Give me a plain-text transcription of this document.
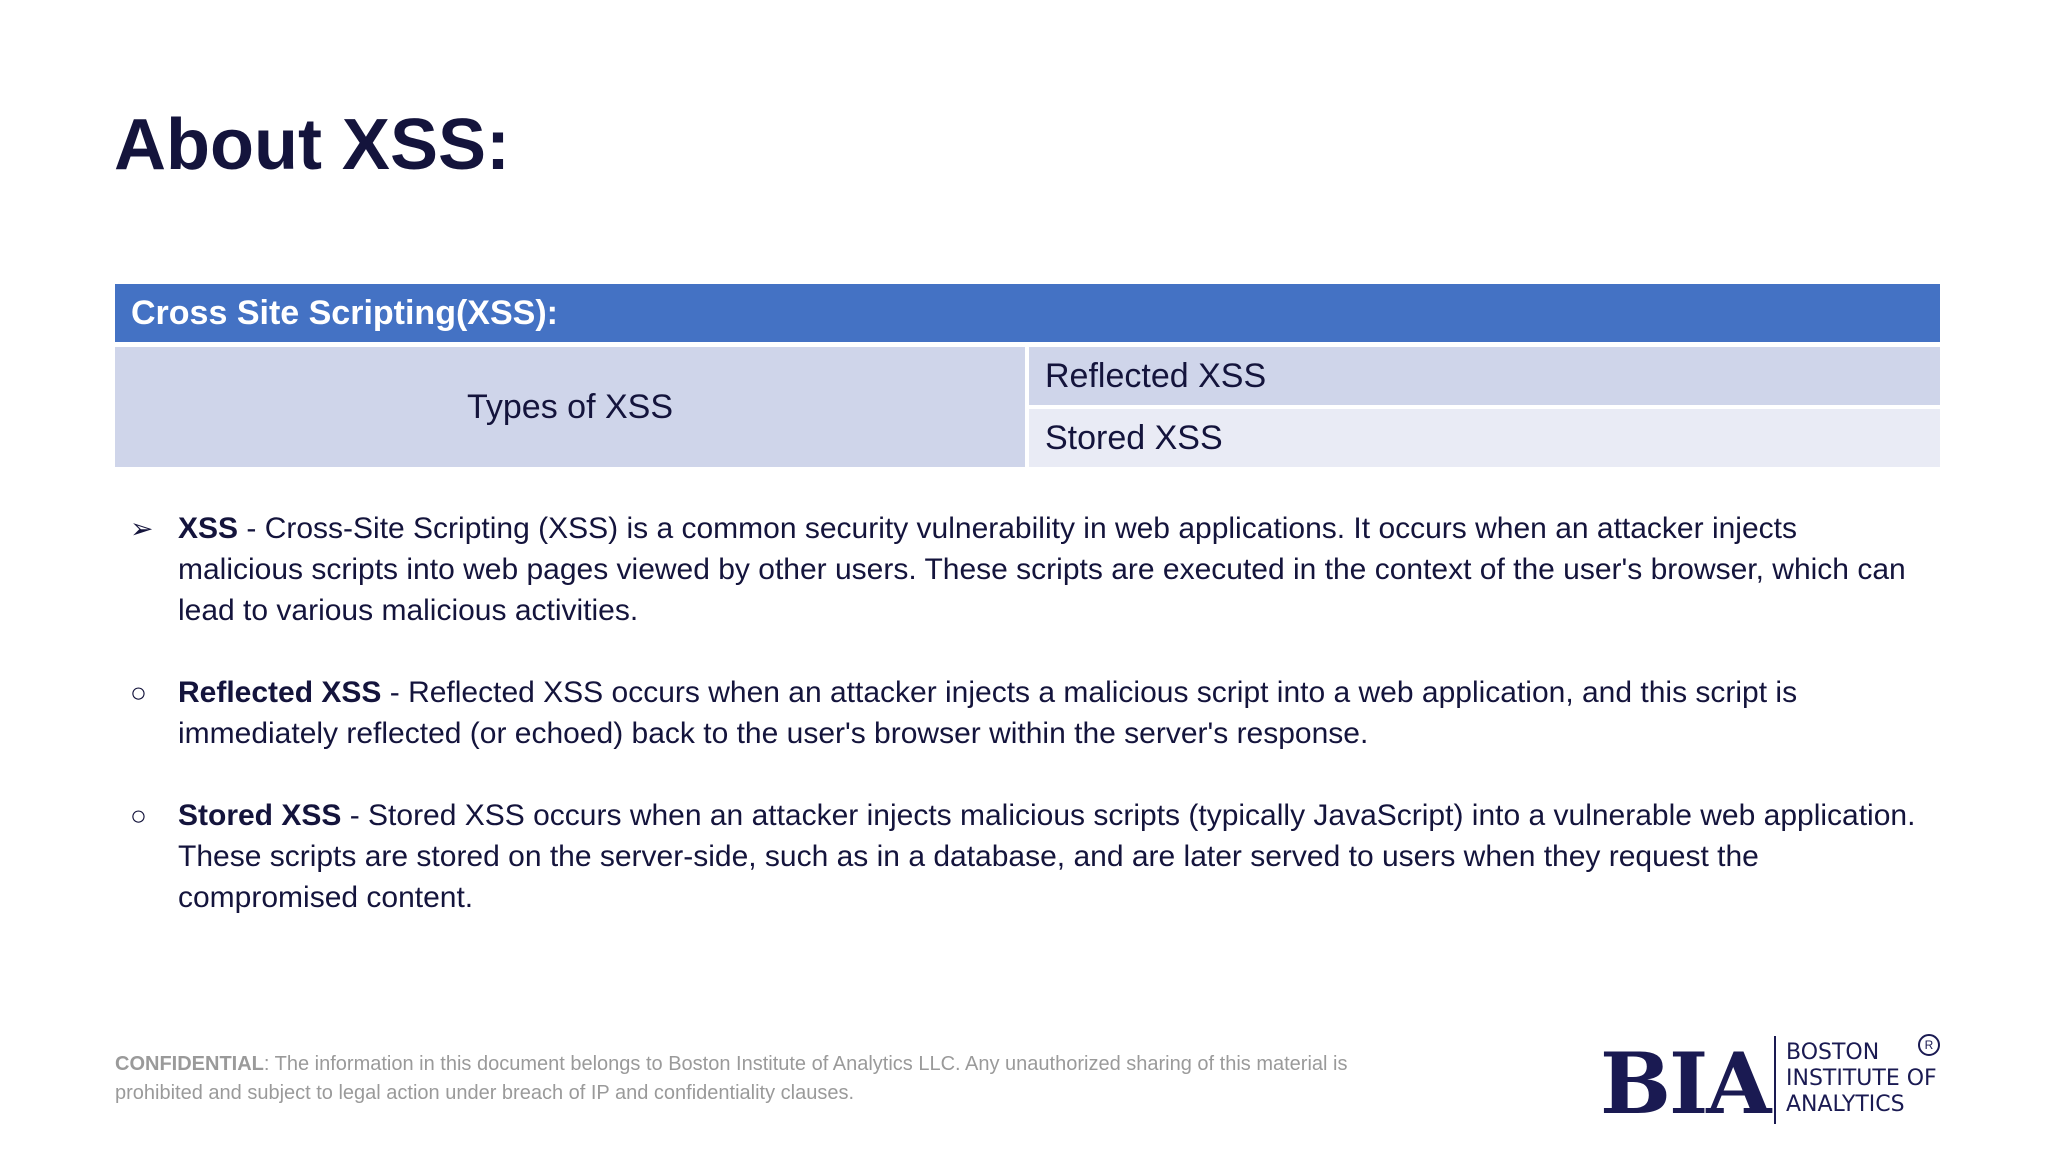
About XSS:
Cross Site Scripting(XSS):
Types of XSS
Reflected XSS
Stored XSS
➢ XSS - Cross-Site Scripting (XSS) is a common security vulnerability in web applications. It occurs when an attacker injects malicious scripts into web pages viewed by other users. These scripts are executed in the context of the user's browser, which can lead to various malicious activities.
○ Reflected XSS - Reflected XSS occurs when an attacker injects a malicious script into a web application, and this script is immediately reflected (or echoed) back to the user's browser within the server's response.
○ Stored XSS - Stored XSS occurs when an attacker injects malicious scripts (typically JavaScript) into a vulnerable web application. These scripts are stored on the server-side, such as in a database, and are later served to users when they request the compromised content.
CONFIDENTIAL: The information in this document belongs to Boston Institute of Analytics LLC. Any unauthorized sharing of this material is prohibited and subject to legal action under breach of IP and confidentiality clauses.	BIA BOSTON
INSTITUTE OF
ANALYTICS
R
